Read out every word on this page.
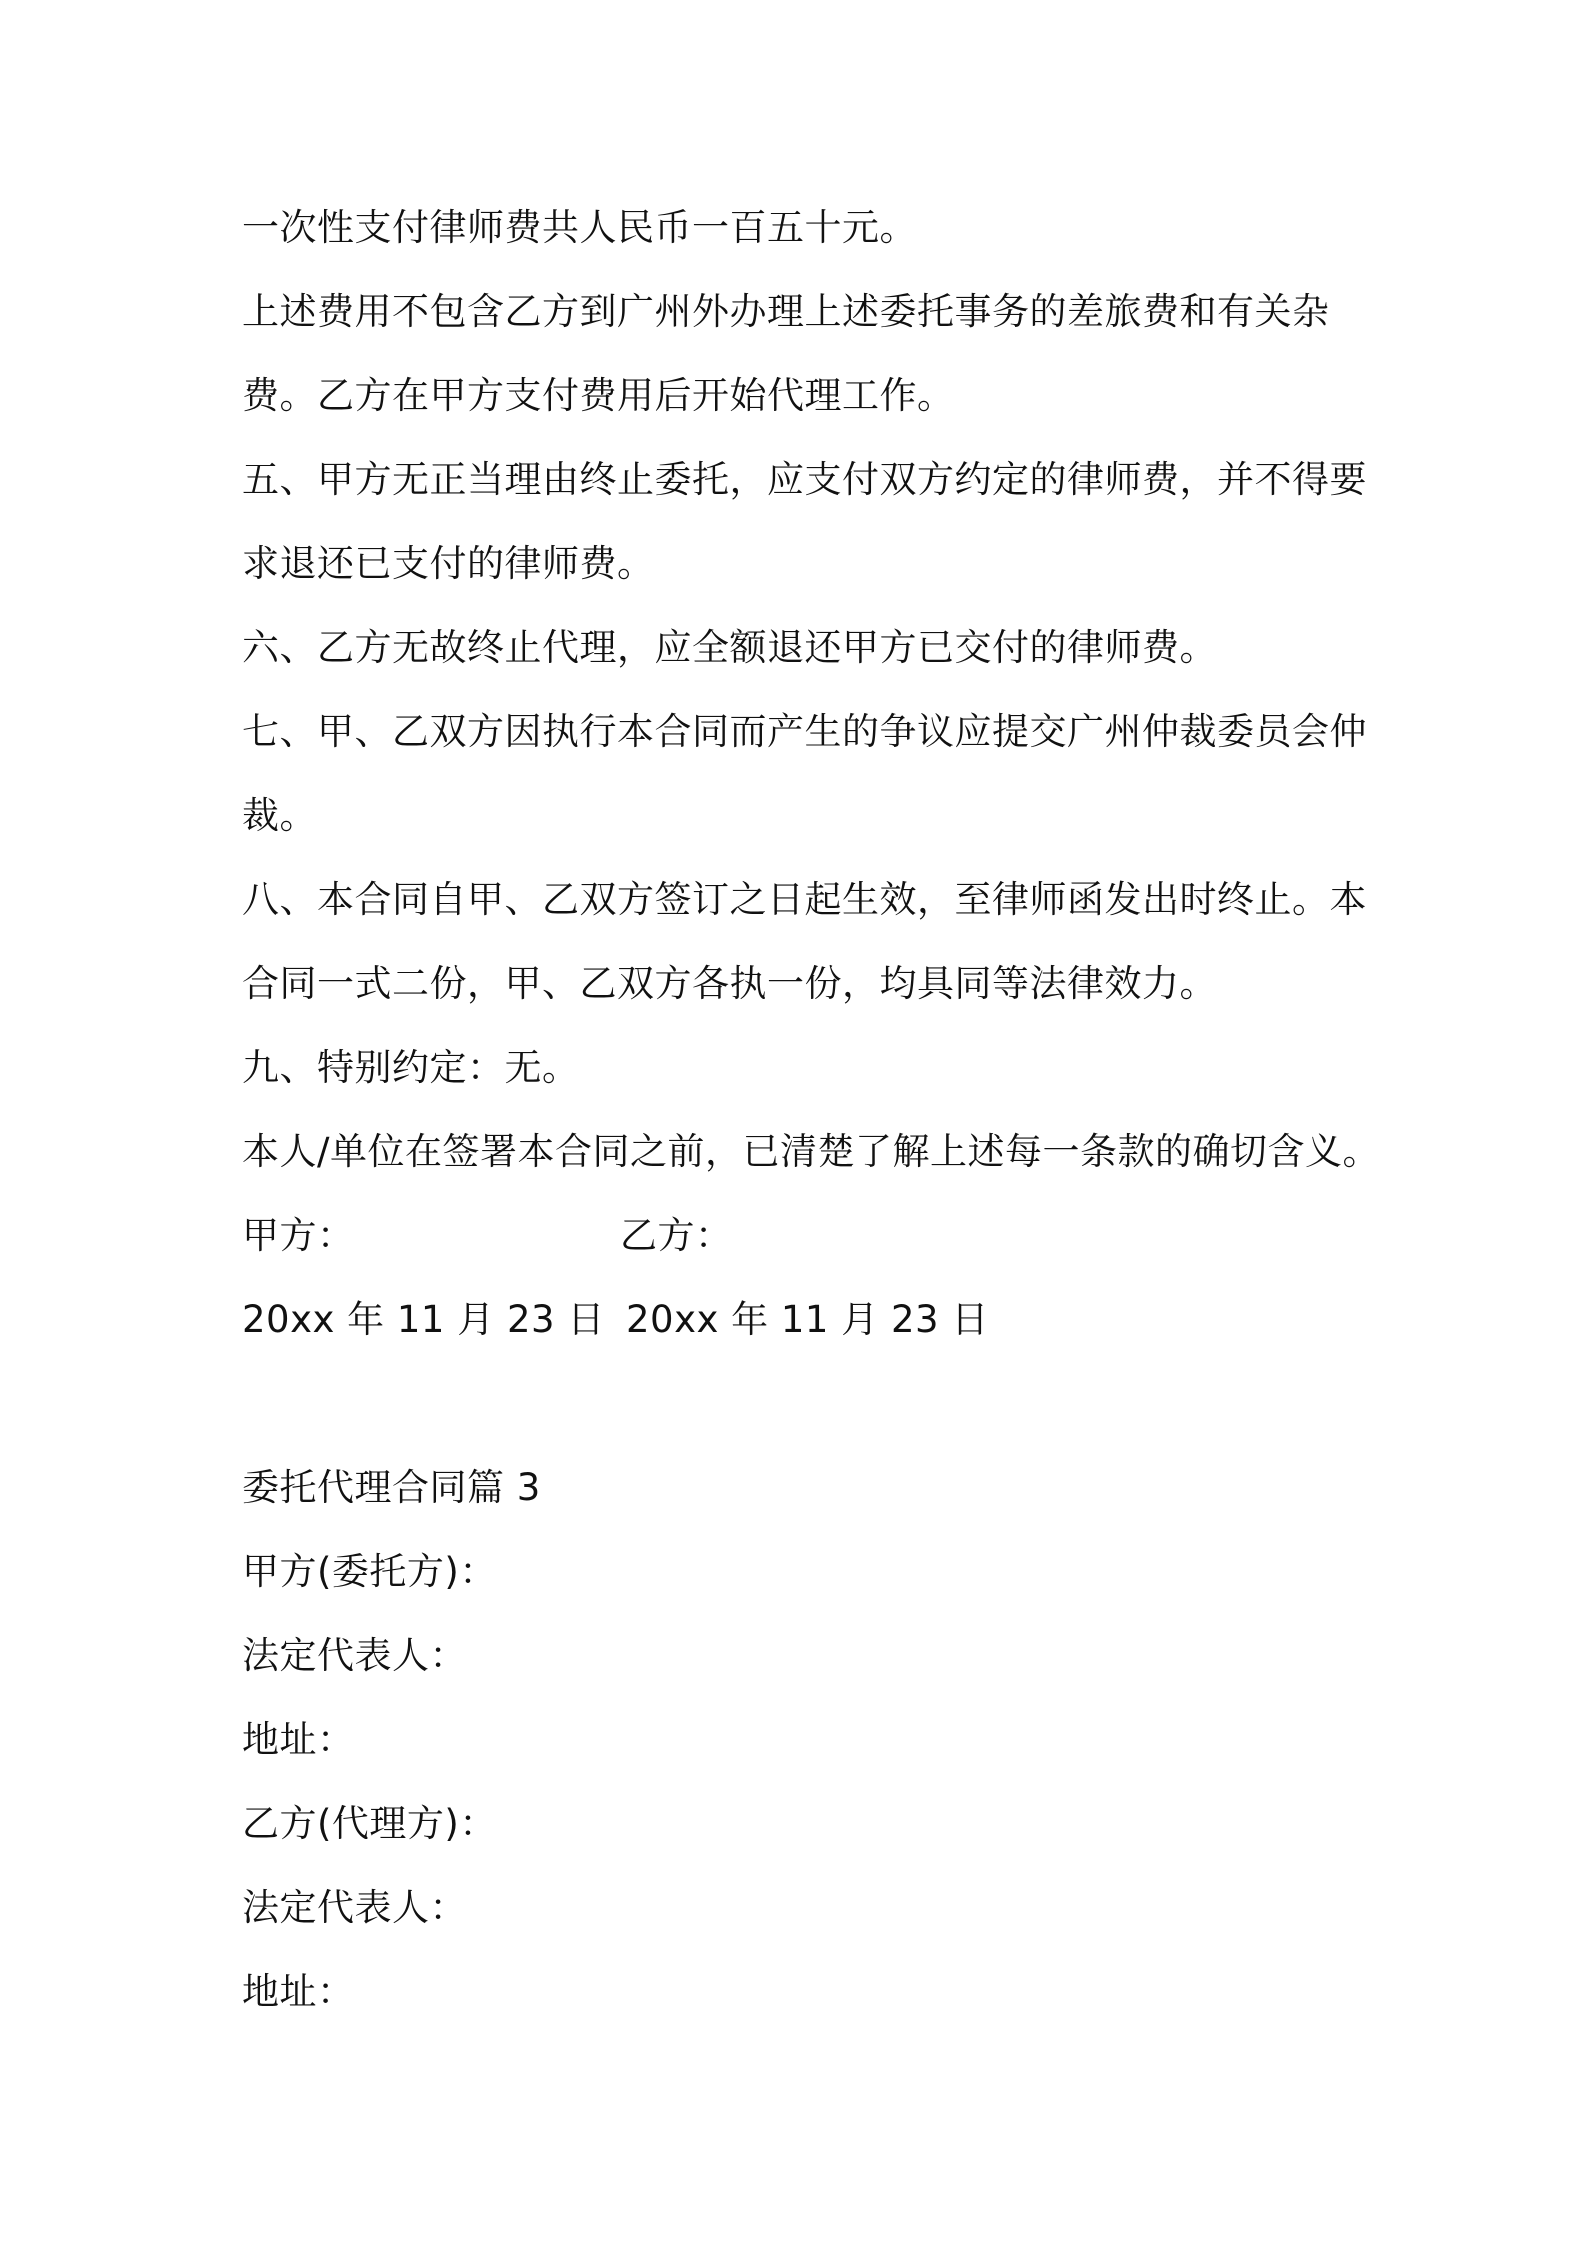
一次性支付律师费共人民币一百五十元。
上述费用不包含乙方到广州外办理上述委托事务的差旅费和有关杂
费。乙方在甲方支付费用后开始代理工作。
五、甲方无正当理由终止委托，应支付双方约定的律师费，并不得要
求退还已支付的律师费。
六、乙方无故终止代理，应全额退还甲方已交付的律师费。
七、甲、乙双方因执行本合同而产生的争议应提交广州仲裁委员会仲
裁。
八、本合同自甲、乙双方签订之日起生效，至律师函发出时终止。本
合同一式二份，甲、乙双方各执一份，均具同等法律效力。
九、特别约定：无。
本人/单位在签署本合同之前，已清楚了解上述每一条款的确切含义。
甲方：	乙方：
20xx 年 11 月 23 日 20xx 年 11 月 23 日
委托代理合同篇 3
甲方(委托方)：
法定代表人：
地址：
乙方(代理方)：
法定代表人：
地址：
